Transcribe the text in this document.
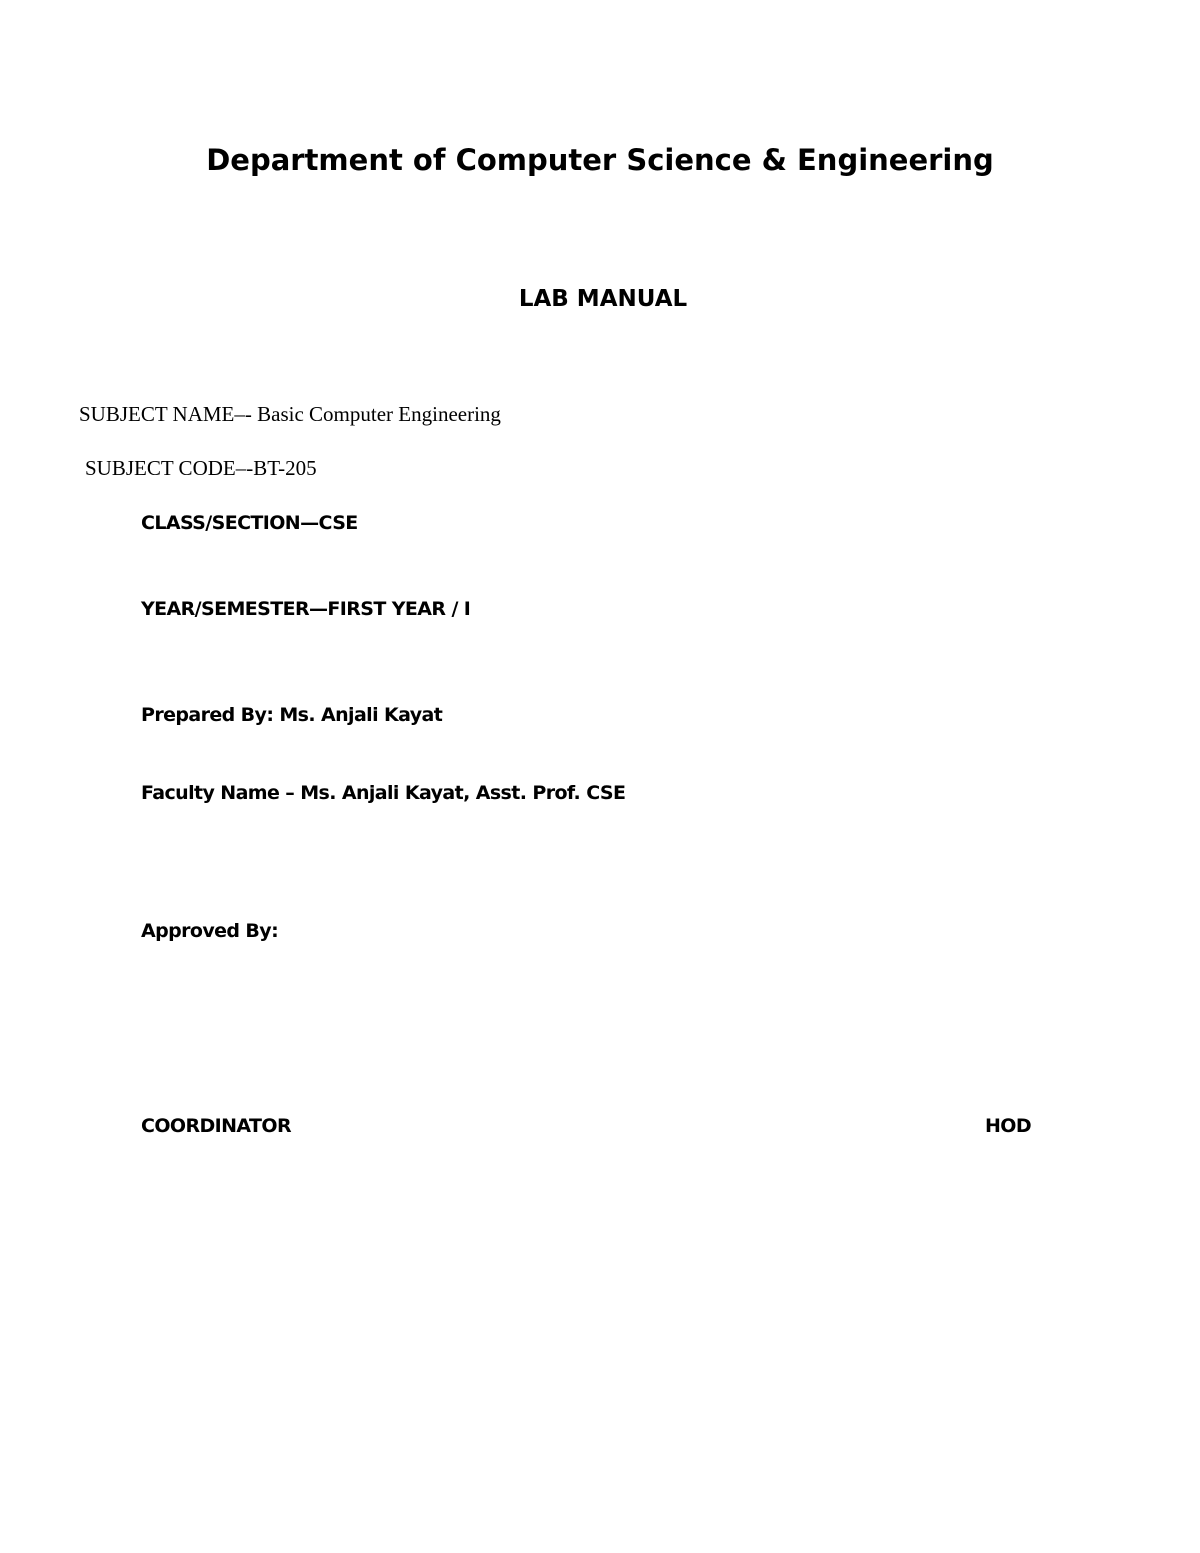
Department of Computer Science & Engineering
LAB MANUAL
SUBJECT NAME–- Basic Computer Engineering
SUBJECT CODE–-BT-205
CLASS/SECTION—CSE
YEAR/SEMESTER—FIRST YEAR / I
Prepared By: Ms. Anjali Kayat
Faculty Name – Ms. Anjali Kayat, Asst. Prof. CSE
Approved By:
COORDINATOR	HOD
